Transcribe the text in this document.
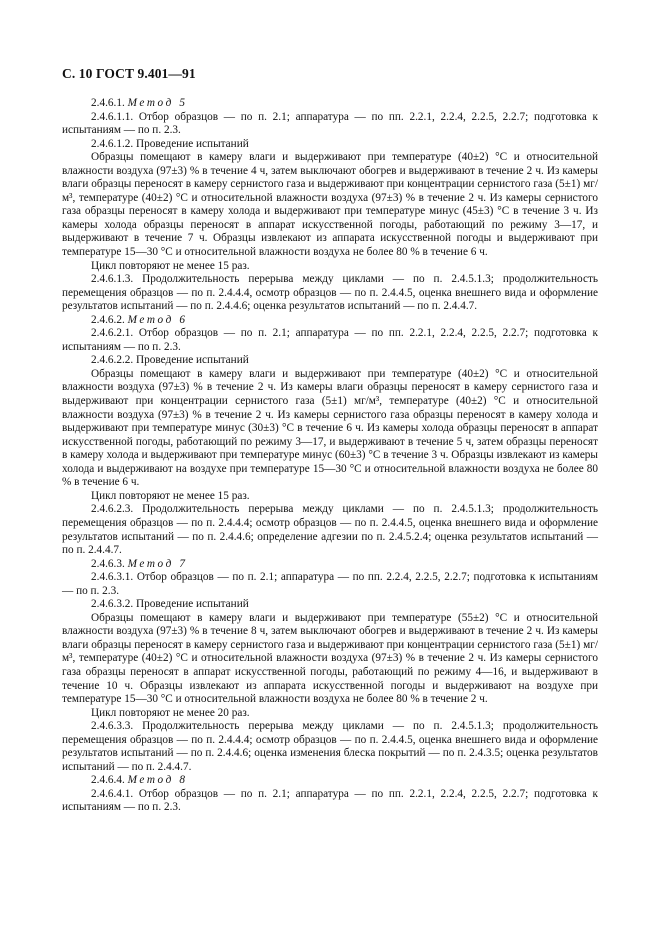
С. 10 ГОСТ 9.401—91

2.4.6.1. Метод 5

2.4.6.1.1. Отбор образцов — по п. 2.1; аппаратура — по пп. 2.2.1, 2.2.4, 2.2.5, 2.2.7; подготовка к испытаниям — по п. 2.3.

2.4.6.1.2. Проведение испытаний

Образцы помещают в камеру влаги и выдерживают при температуре (40±2) °С и относительной влажности воздуха (97±3) % в течение 4 ч, затем выключают обогрев и выдерживают в течение 2 ч. Из камеры влаги образцы переносят в камеру сернистого газа и выдерживают при концентрации сернистого газа (5±1) мг/м³, температуре (40±2) °С и относительной влажности воздуха (97±3) % в течение 2 ч. Из камеры сернистого газа образцы переносят в камеру холода и выдерживают при температуре минус (45±3) °С в течение 3 ч. Из камеры холода образцы переносят в аппарат искусственной погоды, работающий по режиму 3—17, и выдерживают в течение 7 ч. Образцы извлекают из аппарата искусственной погоды и выдерживают при температуре 15—30 °С и относительной влажности воздуха не более 80 % в течение 6 ч.

Цикл повторяют не менее 15 раз.

2.4.6.1.3. Продолжительность перерыва между циклами — по п. 2.4.5.1.3; продолжительность перемещения образцов — по п. 2.4.4.4, осмотр образцов — по п. 2.4.4.5, оценка внешнего вида и оформление результатов испытаний — по п. 2.4.4.6; оценка результатов испытаний — по п. 2.4.4.7.

2.4.6.2. Метод 6

2.4.6.2.1. Отбор образцов — по п. 2.1; аппаратура — по пп. 2.2.1, 2.2.4, 2.2.5, 2.2.7; подготовка к испытаниям — по п. 2.3.

2.4.6.2.2. Проведение испытаний

Образцы помещают в камеру влаги и выдерживают при температуре (40±2) °С и относительной влажности воздуха (97±3) % в течение 2 ч. Из камеры влаги образцы переносят в камеру сернистого газа и выдерживают при концентрации сернистого газа (5±1) мг/м³, температуре (40±2) °С и относительной влажности воздуха (97±3) % в течение 2 ч. Из камеры сернистого газа образцы переносят в камеру холода и выдерживают при температуре минус (30±3) °С в течение 6 ч. Из камеры холода образцы переносят в аппарат искусственной погоды, работающий по режиму 3—17, и выдерживают в течение 5 ч, затем образцы переносят в камеру холода и выдерживают при температуре минус (60±3) °С в течение 3 ч. Образцы извлекают из камеры холода и выдерживают на воздухе при температуре 15—30 °С и относительной влажности воздуха не более 80 % в течение 6 ч.

Цикл повторяют не менее 15 раз.

2.4.6.2.3. Продолжительность перерыва между циклами — по п. 2.4.5.1.3; продолжительность перемещения образцов — по п. 2.4.4.4; осмотр образцов — по п. 2.4.4.5, оценка внешнего вида и оформление результатов испытаний — по п. 2.4.4.6; определение адгезии по п. 2.4.5.2.4; оценка результатов испытаний — по п. 2.4.4.7.

2.4.6.3. Метод 7

2.4.6.3.1. Отбор образцов — по п. 2.1; аппаратура — по пп. 2.2.4, 2.2.5, 2.2.7; подготовка к испытаниям — по п. 2.3.

2.4.6.3.2. Проведение испытаний

Образцы помещают в камеру влаги и выдерживают при температуре (55±2) °С и относительной влажности воздуха (97±3) % в течение 8 ч, затем выключают обогрев и выдерживают в течение 2 ч. Из камеры влаги образцы переносят в камеру сернистого газа и выдерживают при концентрации сернистого газа (5±1) мг/м³, температуре (40±2) °С и относительной влажности воздуха (97±3) % в течение 2 ч. Из камеры сернистого газа образцы переносят в аппарат искусственной погоды, работающий по режиму 4—16, и выдерживают в течение 10 ч. Образцы извлекают из аппарата искусственной погоды и выдерживают на воздухе при температуре 15—30 °С и относительной влажности воздуха не более 80 % в течение 2 ч.

Цикл повторяют не менее 20 раз.

2.4.6.3.3. Продолжительность перерыва между циклами — по п. 2.4.5.1.3; продолжительность перемещения образцов — по п. 2.4.4.4; осмотр образцов — по п. 2.4.4.5, оценка внешнего вида и оформление результатов испытаний — по п. 2.4.4.6; оценка изменения блеска покрытий — по п. 2.4.3.5; оценка результатов испытаний — по п. 2.4.4.7.

2.4.6.4. Метод 8

2.4.6.4.1. Отбор образцов — по п. 2.1; аппаратура — по пп. 2.2.1, 2.2.4, 2.2.5, 2.2.7; подготовка к испытаниям — по п. 2.3.
